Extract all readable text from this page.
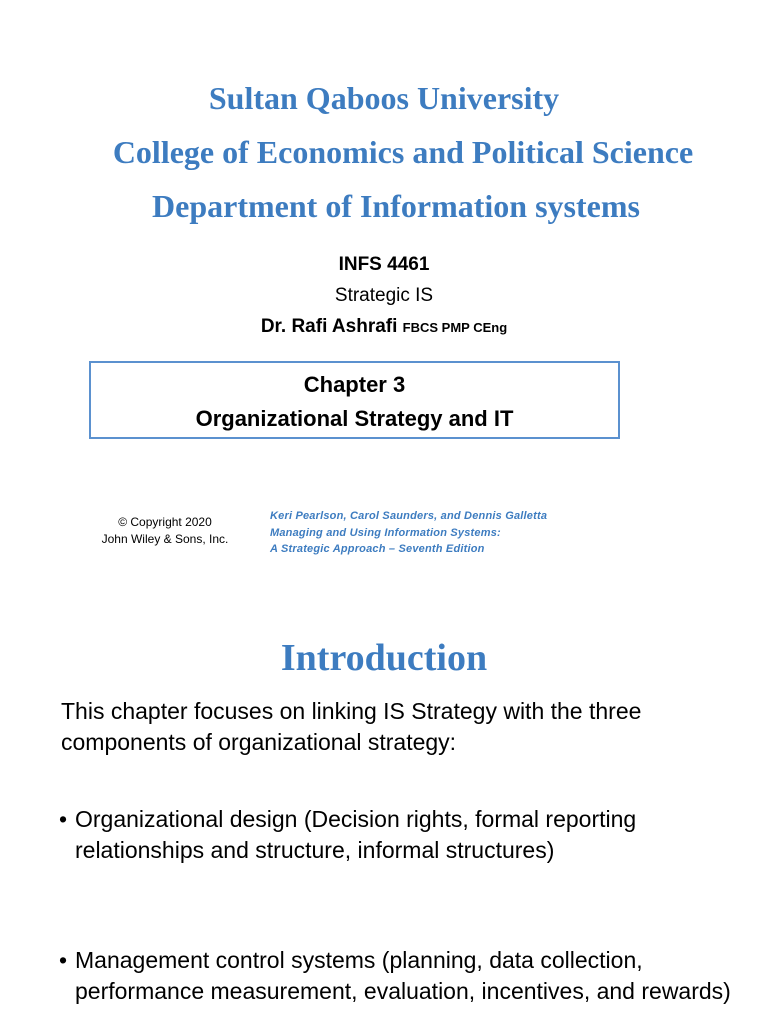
Sultan Qaboos University
College of Economics and Political Science
Department of Information systems
INFS 4461
Strategic IS
Dr. Rafi Ashrafi FBCS PMP CEng
Chapter 3
Organizational Strategy and IT
© Copyright 2020
John Wiley & Sons, Inc.
Keri Pearlson, Carol Saunders, and Dennis Galletta
Managing and Using Information Systems:
A Strategic Approach – Seventh Edition
Introduction
This chapter focuses on linking IS Strategy with the three components of organizational strategy:
• Organizational design (Decision rights, formal reporting relationships and structure, informal structures)
• Management control systems (planning, data collection, performance measurement, evaluation, incentives, and rewards)
